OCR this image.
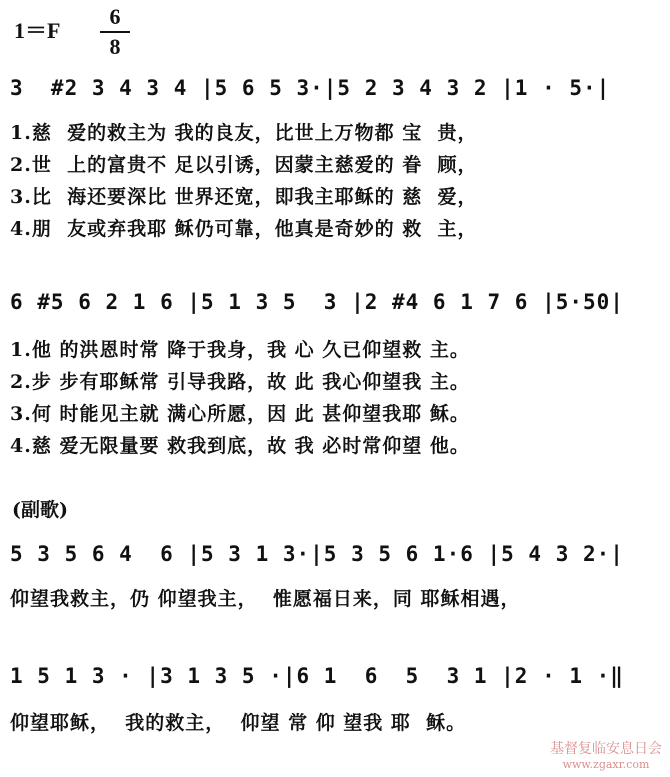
1＝F
6
8
3  #2 3 4 3 4 |5 6 5 3·|5 2 3 4 3 2 |1 · 5·|
1.慈  爱的救主为 我的良友，比世上万物都 宝  贵，
2.世  上的富贵不 足以引诱，因蒙主慈爱的 眷  顾，
3.比  海还要深比 世界还宽，即我主耶稣的 慈  爱，
4.朋  友或弃我耶 稣仍可靠，他真是奇妙的 救  主，
6 #5 6 2 1 6 |5 1 3 5  3 |2 #4 6 1 7 6 |5·50|
1.他 的洪恩时常 降于我身，我 心 久已仰望救 主。
2.步 步有耶稣常 引导我路，故 此 我心仰望我 主。
3.何 时能见主就 满心所愿，因 此 甚仰望我耶 稣。
4.慈 爱无限量要 救我到底，故 我 必时常仰望 他。
(副歌)
5 3 5 6 4  6 |5 3 1 3·|5 3 5 6 1·6 |5 4 3 2·|
仰望我救主，仍 仰望我主，  惟愿福日来，同 耶稣相遇，
1 5 1 3 · |3 1 3 5 ·|6 1  6  5  3 1 |2 · 1 ·‖
仰望耶稣，  我的救主，  仰望 常 仰 望我 耶  稣。
基督复临安息日会
www.zgaxr.com
